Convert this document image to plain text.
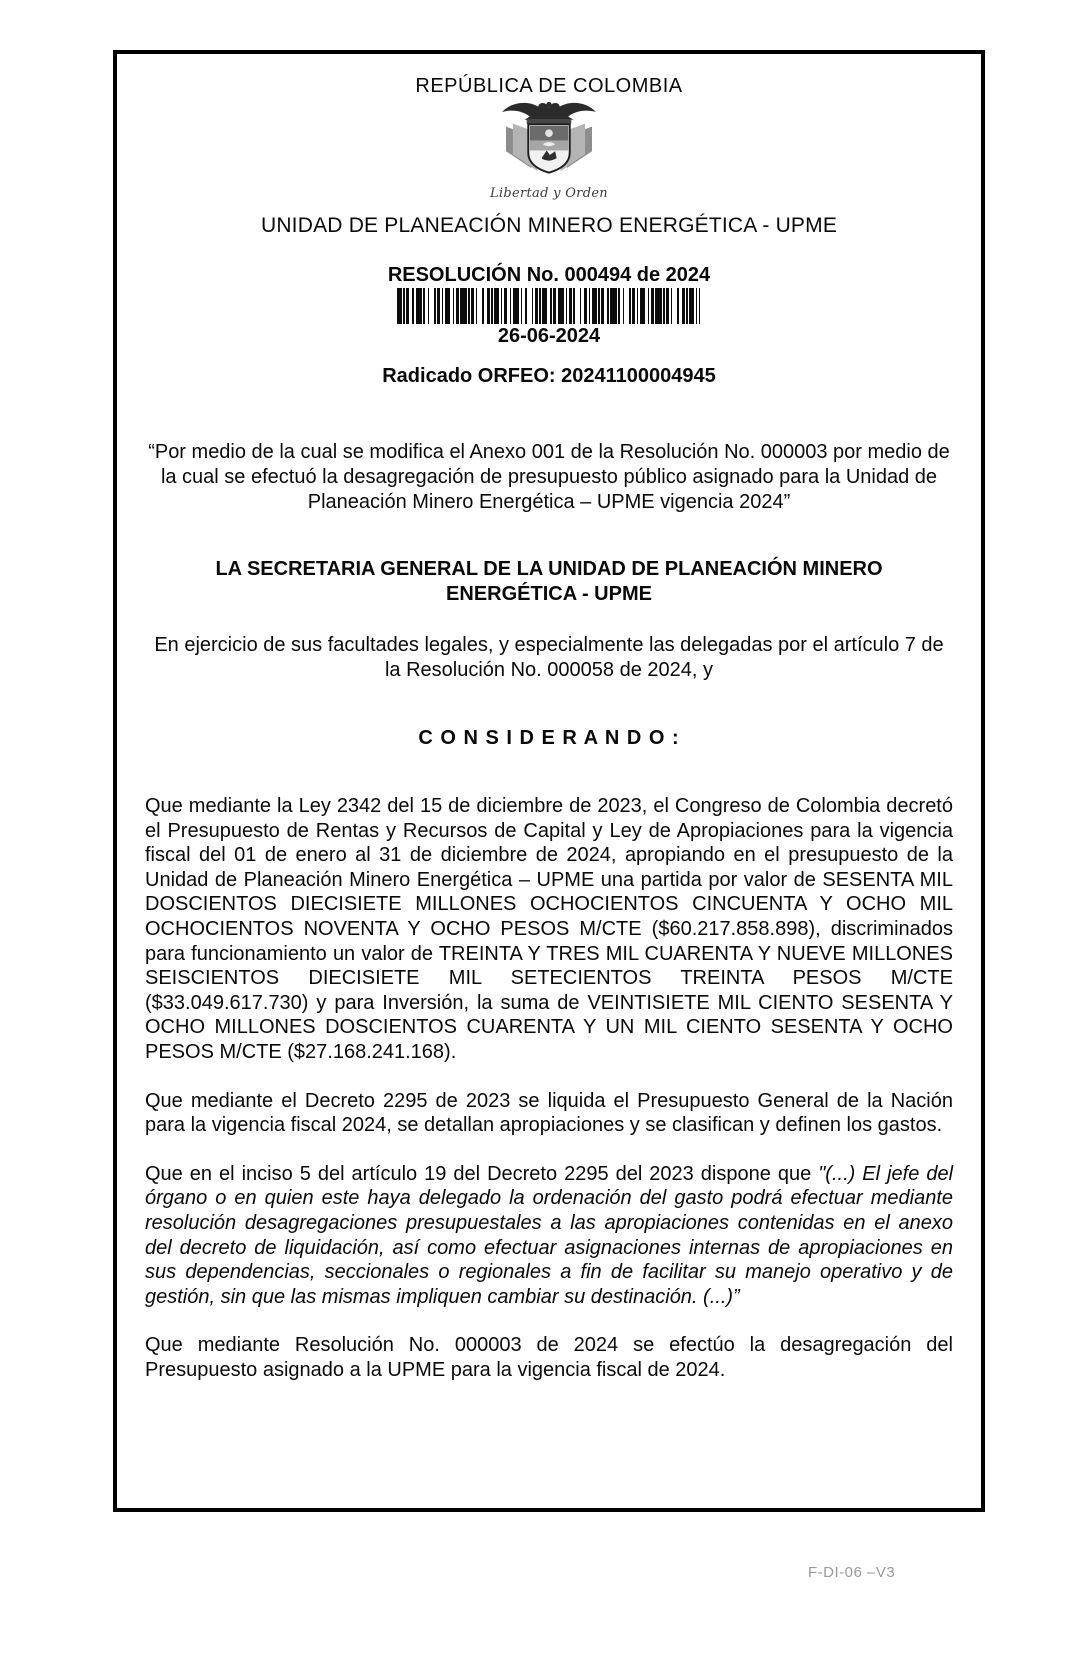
REPÚBLICA DE COLOMBIA
Libertad y Orden
UNIDAD DE PLANEACIÓN MINERO ENERGÉTICA - UPME
RESOLUCIÓN No. 000494 de 2024
26-06-2024
Radicado ORFEO: 20241100004945
“Por medio de la cual se modifica el Anexo 001 de la Resolución No. 000003 por medio de la cual se efectuó la desagregación de presupuesto público asignado para la Unidad de Planeación Minero Energética – UPME vigencia 2024”
LA SECRETARIA GENERAL DE LA UNIDAD DE PLANEACIÓN MINERO ENERGÉTICA - UPME
En ejercicio de sus facultades legales, y especialmente las delegadas por el artículo 7 de la Resolución No. 000058 de 2024, y
C O N S I D E R A N D O :

Que mediante la Ley 2342 del 15 de diciembre de 2023, el Congreso de Colombia decretó el Presupuesto de Rentas y Recursos de Capital y Ley de Apropiaciones para la vigencia fiscal del 01 de enero al 31 de diciembre de 2024, apropiando en el presupuesto de la Unidad de Planeación Minero Energética – UPME una partida por valor de SESENTA MIL DOSCIENTOS DIECISIETE MILLONES OCHOCIENTOS CINCUENTA Y OCHO MIL OCHOCIENTOS NOVENTA Y OCHO PESOS M/CTE ($60.217.858.898), discriminados para funcionamiento un valor de TREINTA Y TRES MIL CUARENTA Y NUEVE MILLONES SEISCIENTOS DIECISIETE MIL SETECIENTOS TREINTA PESOS M/CTE ($33.049.617.730) y para Inversión, la suma de VEINTISIETE MIL CIENTO SESENTA Y OCHO MILLONES DOSCIENTOS CUARENTA Y UN MIL CIENTO SESENTA Y OCHO PESOS M/CTE ($27.168.241.168).

Que mediante el Decreto 2295 de 2023 se liquida el Presupuesto General de la Nación para la vigencia fiscal 2024, se detallan apropiaciones y se clasifican y definen los gastos.

Que en el inciso 5 del artículo 19 del Decreto 2295 del 2023 dispone que "(...) El jefe del órgano o en quien este haya delegado la ordenación del gasto podrá efectuar mediante resolución desagregaciones presupuestales a las apropiaciones contenidas en el anexo del decreto de liquidación, así como efectuar asignaciones internas de apropiaciones en sus dependencias, seccionales o regionales a fin de facilitar su manejo operativo y de gestión, sin que las mismas impliquen cambiar su destinación. (...)”

Que mediante Resolución No. 000003 de 2024 se efectúo la desagregación del Presupuesto asignado a la UPME para la vigencia fiscal de 2024.

F-DI-06 –V3
